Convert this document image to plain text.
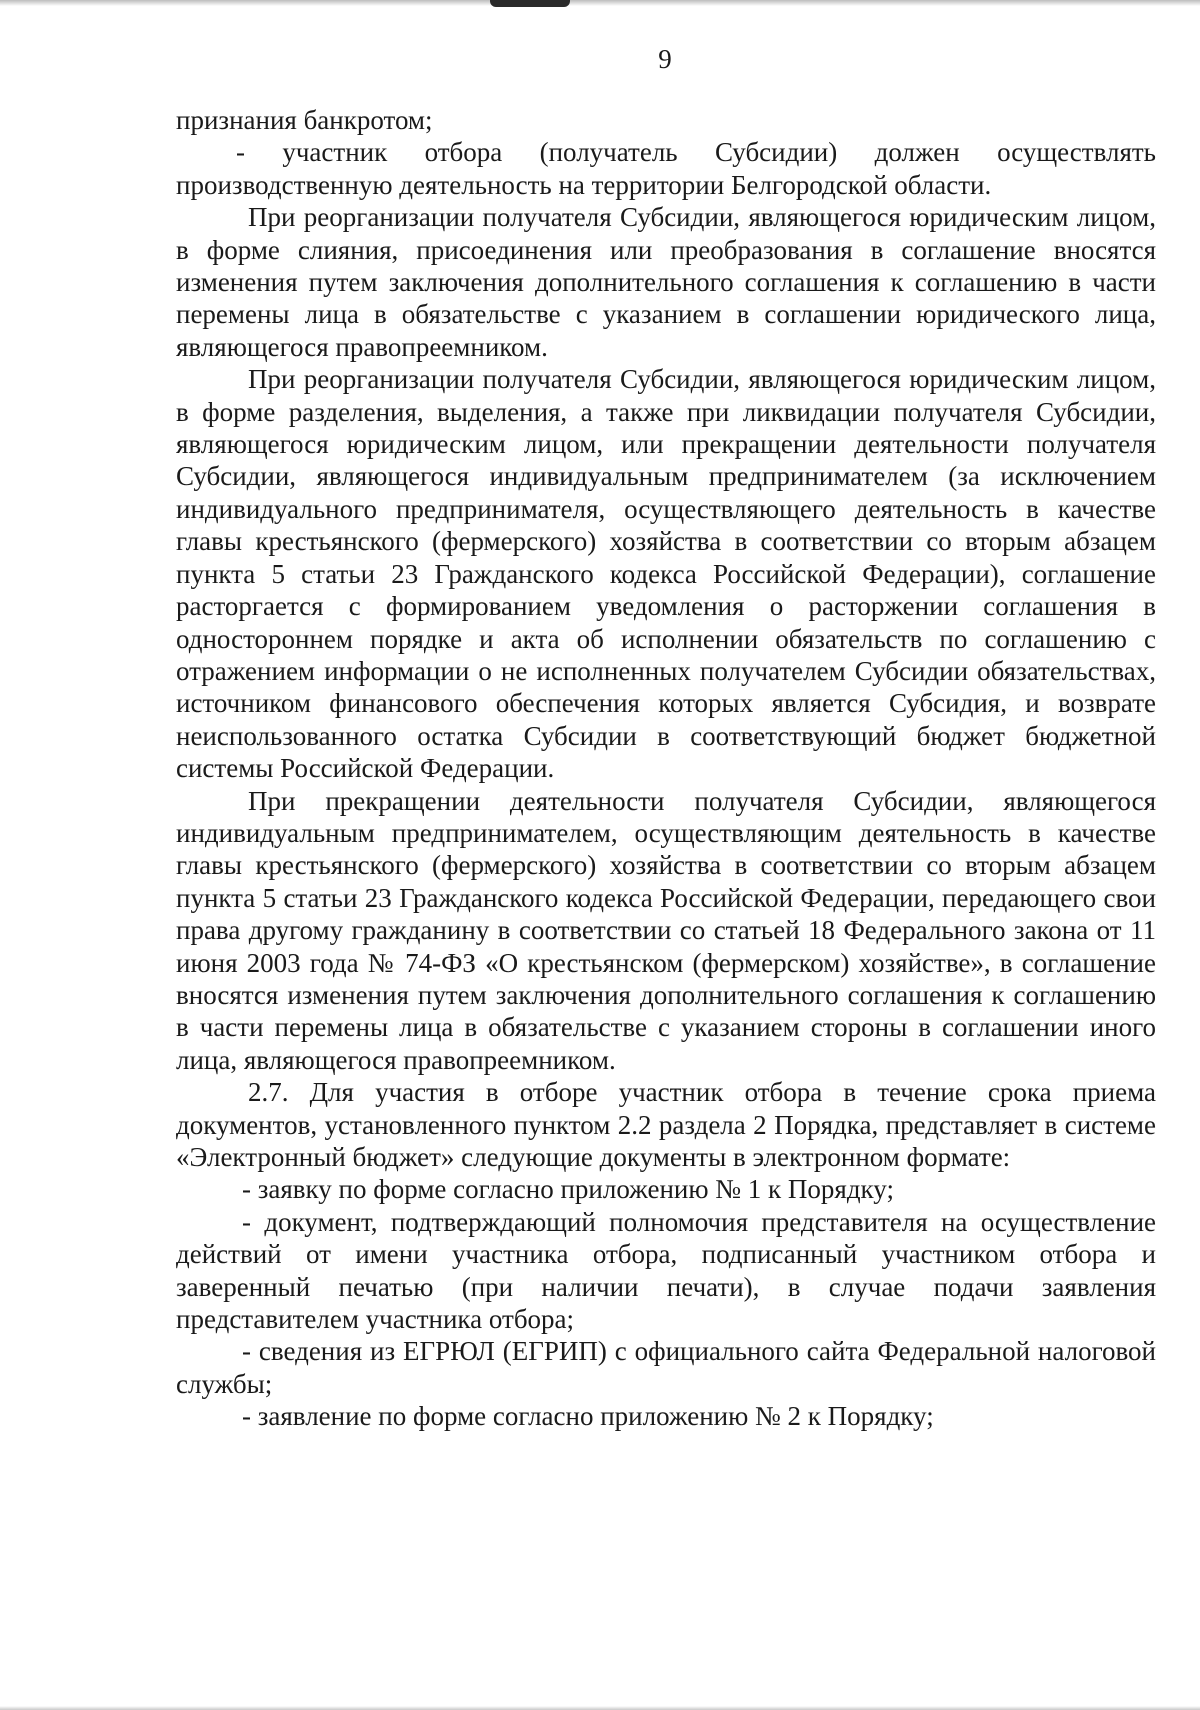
9

признания банкротом;

- участник отбора (получатель Субсидии) должен осуществлять производственную деятельность на территории Белгородской области.

При реорганизации получателя Субсидии, являющегося юридическим лицом, в форме слияния, присоединения или преобразования в соглашение вносятся изменения путем заключения дополнительного соглашения к соглашению в части перемены лица в обязательстве с указанием в соглашении юридического лица, являющегося правопреемником.

При реорганизации получателя Субсидии, являющегося юридическим лицом, в форме разделения, выделения, а также при ликвидации получателя Субсидии, являющегося юридическим лицом, или прекращении деятельности получателя Субсидии, являющегося индивидуальным предпринимателем (за исключением индивидуального предпринимателя, осуществляющего деятельность в качестве главы крестьянского (фермерского) хозяйства в соответствии со вторым абзацем пункта 5 статьи 23 Гражданского кодекса Российской Федерации), соглашение расторгается с формированием уведомления о расторжении соглашения в одностороннем порядке и акта об исполнении обязательств по соглашению с отражением информации о не исполненных получателем Субсидии обязательствах, источником финансового обеспечения которых является Субсидия, и возврате неиспользованного остатка Субсидии в соответствующий бюджет бюджетной системы Российской Федерации.

При прекращении деятельности получателя Субсидии, являющегося индивидуальным предпринимателем, осуществляющим деятельность в качестве главы крестьянского (фермерского) хозяйства в соответствии со вторым абзацем пункта 5 статьи 23 Гражданского кодекса Российской Федерации, передающего свои права другому гражданину в соответствии со статьей 18 Федерального закона от 11 июня 2003 года № 74-ФЗ «О крестьянском (фермерском) хозяйстве», в соглашение вносятся изменения путем заключения дополнительного соглашения к соглашению в части перемены лица в обязательстве с указанием стороны в соглашении иного лица, являющегося правопреемником.

2.7. Для участия в отборе участник отбора в течение срока приема документов, установленного пунктом 2.2 раздела 2 Порядка, представляет в системе «Электронный бюджет» следующие документы в электронном формате:

- заявку по форме согласно приложению № 1 к Порядку;

- документ, подтверждающий полномочия представителя на осуществление действий от имени участника отбора, подписанный участником отбора и заверенный печатью (при наличии печати), в случае подачи заявления представителем участника отбора;

- сведения из ЕГРЮЛ (ЕГРИП) с официального сайта Федеральной налоговой службы;

- заявление по форме согласно приложению № 2 к Порядку;
